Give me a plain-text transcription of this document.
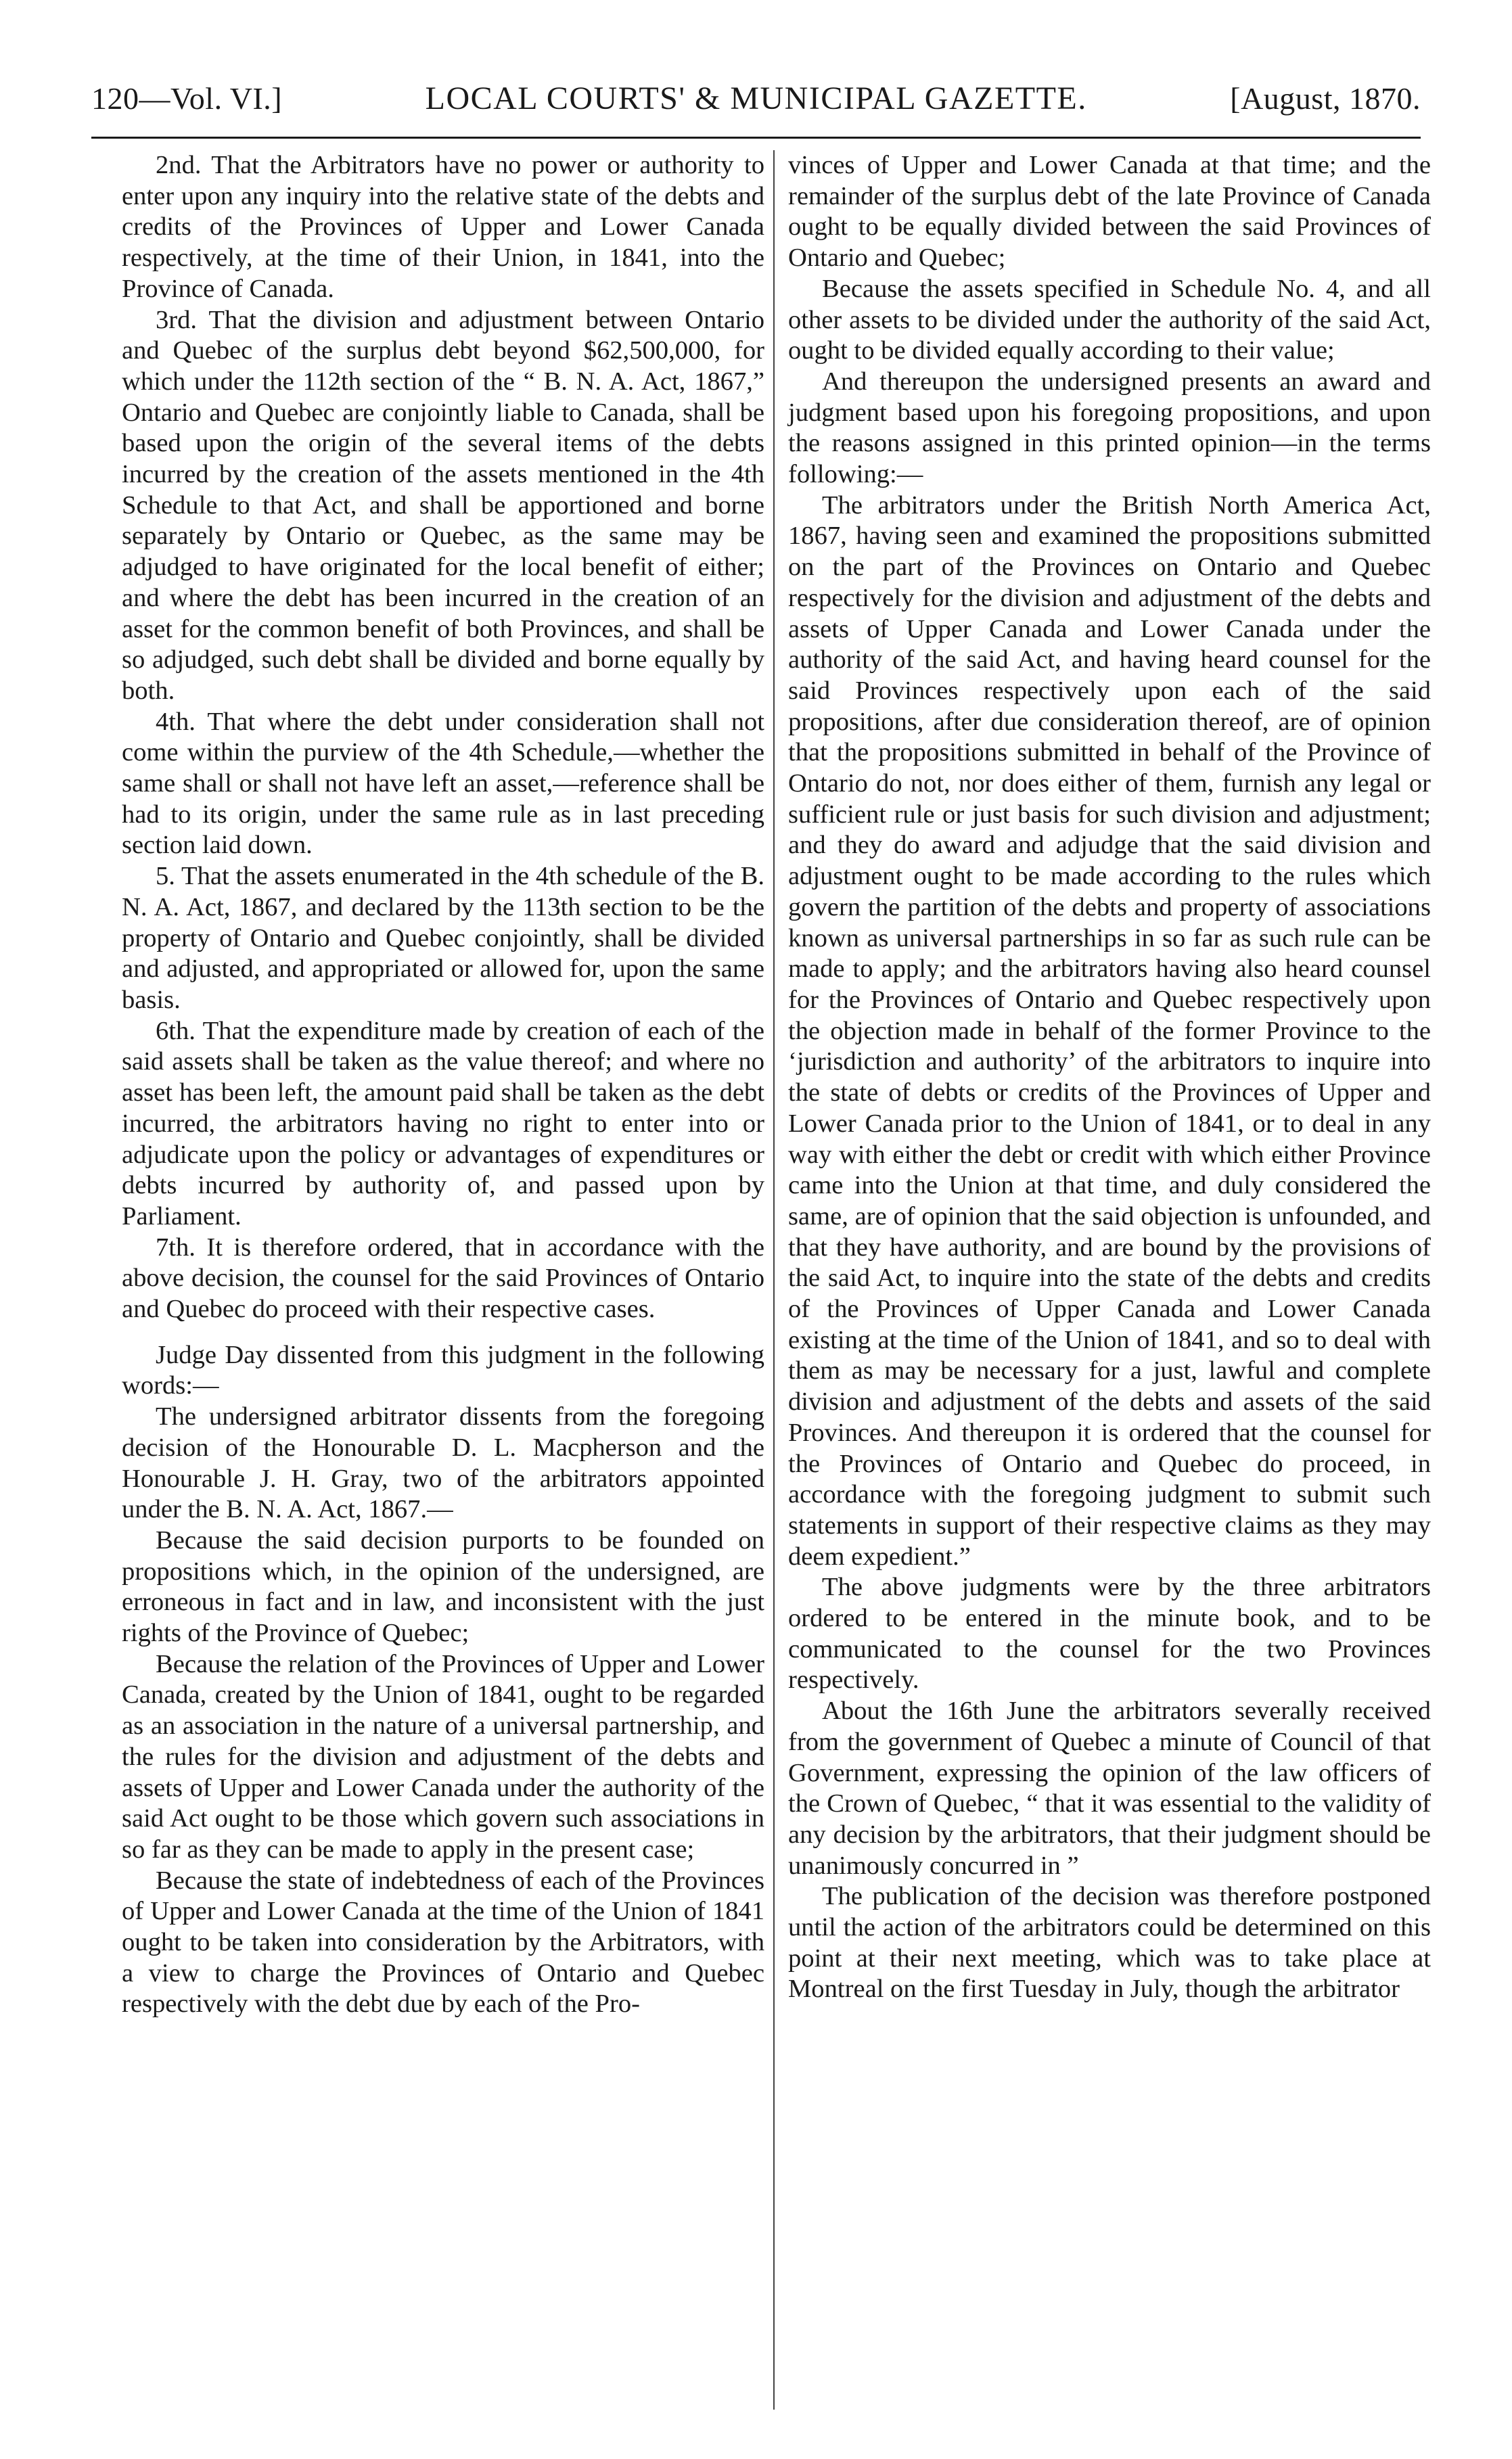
120—Vol. VI.]	LOCAL COURTS' & MUNICIPAL GAZETTE.	[August, 1870.

2nd. That the Arbitrators have no power or authority to enter upon any inquiry into the relative state of the debts and credits of the Provinces of Upper and Lower Canada respectively, at the time of their Union, in 1841, into the Province of Canada.

3rd. That the division and adjustment between Ontario and Quebec of the surplus debt beyond $62,500,000, for which under the 112th section of the “ B. N. A. Act, 1867,” Ontario and Quebec are conjointly liable to Canada, shall be based upon the origin of the several items of the debts incurred by the creation of the assets mentioned in the 4th Schedule to that Act, and shall be apportioned and borne separately by Ontario or Quebec, as the same may be adjudged to have originated for the local benefit of either; and where the debt has been incurred in the creation of an asset for the common benefit of both Provinces, and shall be so adjudged, such debt shall be divided and borne equally by both.

4th. That where the debt under consideration shall not come within the purview of the 4th Schedule,—whether the same shall or shall not have left an asset,—reference shall be had to its origin, under the same rule as in last preceding section laid down.

5. That the assets enumerated in the 4th schedule of the B. N. A. Act, 1867, and declared by the 113th section to be the property of Ontario and Quebec conjointly, shall be divided and adjusted, and appropriated or allowed for, upon the same basis.

6th. That the expenditure made by creation of each of the said assets shall be taken as the value thereof; and where no asset has been left, the amount paid shall be taken as the debt incurred, the arbitrators having no right to enter into or adjudicate upon the policy or advantages of expenditures or debts incurred by authority of, and passed upon by Parliament.

7th. It is therefore ordered, that in accordance with the above decision, the counsel for the said Provinces of Ontario and Quebec do proceed with their respective cases.

Judge Day dissented from this judgment in the following words:—

The undersigned arbitrator dissents from the foregoing decision of the Honourable D. L. Macpherson and the Honourable J. H. Gray, two of the arbitrators appointed under the B. N. A. Act, 1867.—

Because the said decision purports to be founded on propositions which, in the opinion of the undersigned, are erroneous in fact and in law, and inconsistent with the just rights of the Province of Quebec;

Because the relation of the Provinces of Upper and Lower Canada, created by the Union of 1841, ought to be regarded as an association in the nature of a universal partnership, and the rules for the division and adjustment of the debts and assets of Upper and Lower Canada under the authority of the said Act ought to be those which govern such associations in so far as they can be made to apply in the present case;

Because the state of indebtedness of each of the Provinces of Upper and Lower Canada at the time of the Union of 1841 ought to be taken into consideration by the Arbitrators, with a view to charge the Provinces of Ontario and Quebec respectively with the debt due by each of the Pro-

vinces of Upper and Lower Canada at that time; and the remainder of the surplus debt of the late Province of Canada ought to be equally divided between the said Provinces of Ontario and Quebec;

Because the assets specified in Schedule No. 4, and all other assets to be divided under the authority of the said Act, ought to be divided equally according to their value;

And thereupon the undersigned presents an award and judgment based upon his foregoing propositions, and upon the reasons assigned in this printed opinion—in the terms following:—

The arbitrators under the British North America Act, 1867, having seen and examined the propositions submitted on the part of the Provinces on Ontario and Quebec respectively for the division and adjustment of the debts and assets of Upper Canada and Lower Canada under the authority of the said Act, and having heard counsel for the said Provinces respectively upon each of the said propositions, after due consideration thereof, are of opinion that the propositions submitted in behalf of the Province of Ontario do not, nor does either of them, furnish any legal or sufficient rule or just basis for such division and adjustment; and they do award and adjudge that the said division and adjustment ought to be made according to the rules which govern the partition of the debts and property of associations known as universal partnerships in so far as such rule can be made to apply; and the arbitrators having also heard counsel for the Provinces of Ontario and Quebec respectively upon the objection made in behalf of the former Province to the ‘jurisdiction and authority’ of the arbitrators to inquire into the state of debts or credits of the Provinces of Upper and Lower Canada prior to the Union of 1841, or to deal in any way with either the debt or credit with which either Province came into the Union at that time, and duly considered the same, are of opinion that the said objection is unfounded, and that they have authority, and are bound by the provisions of the said Act, to inquire into the state of the debts and credits of the Provinces of Upper Canada and Lower Canada existing at the time of the Union of 1841, and so to deal with them as may be necessary for a just, lawful and complete division and adjustment of the debts and assets of the said Provinces. And thereupon it is ordered that the counsel for the Provinces of Ontario and Quebec do proceed, in accordance with the foregoing judgment to submit such statements in support of their respective claims as they may deem expedient.”

The above judgments were by the three arbitrators ordered to be entered in the minute book, and to be communicated to the counsel for the two Provinces respectively.

About the 16th June the arbitrators severally received from the government of Quebec a minute of Council of that Government, expressing the opinion of the law officers of the Crown of Quebec, “ that it was essential to the validity of any decision by the arbitrators, that their judgment should be unanimously concurred in ”

The publication of the decision was therefore postponed until the action of the arbitrators could be determined on this point at their next meeting, which was to take place at Montreal on the first Tuesday in July, though the arbitrator
